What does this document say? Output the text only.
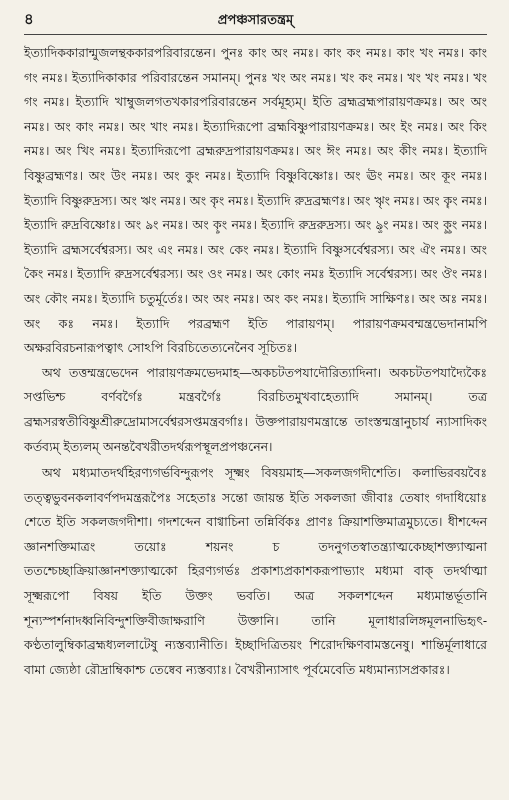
৪	প্রপঞ্চসারতন্ত্রম্

ইত্যাদিককারান্মুজলন্থককারপরিবারন্তেন। পুনঃ কাং অং নমঃ। কাং কং নমঃ। কাং খং নমঃ। কাং গং নমঃ। ইত্যাদিকাকার পরিবারন্তেন সমানম্। পুনঃ খং অং নমঃ। খং কং নমঃ। খং খং নমঃ। খং গং নমঃ। ইত্যাদি খাম্বুজলগতখকারপরিবারন্তেন সর্বমূহ্যম্। ইতি ব্রহ্মব্রহ্মপারায়ণক্রমঃ। অং অং নমঃ। অং কাং নমঃ। অং খাং নমঃ। ইত্যাদিরূপো ব্রহ্মবিষ্ণুপারায়ণক্রমঃ। অং ইং নমঃ। অং কিং নমঃ। অং খিং নমঃ। ইত্যাদিরূপো ব্রহ্মরুদ্রপারায়ণক্রমঃ। অং ঈং নমঃ। অং কীং নমঃ। ইত্যাদি বিষ্ণুব্রহ্মণঃ। অং উং নমঃ। অং কুং নমঃ। ইত্যাদি বিষ্ণুবিষ্ণোঃ। অং ঊং নমঃ। অং কূং নমঃ। ইত্যাদি বিষ্ণুরুদ্রস্য। অং ঋং নমঃ। অং কৃং নমঃ। ইত্যাদি রুদ্রব্রহ্মণঃ। অং ৠং নমঃ। অং কৄং নমঃ। ইত্যাদি রুদ্রবিষ্ণোঃ। অং ঌং নমঃ। অং কৢং নমঃ। ইত্যাদি রুদ্ররুদ্রস্য। অং ৡং নমঃ। অং কৣং নমঃ। ইত্যাদি ব্রহ্মসর্বেশ্বরস্য। অং এং নমঃ। অং কেং নমঃ। ইত্যাদি বিষ্ণুসর্বেশ্বরস্য। অং ঐং নমঃ। অং কৈং নমঃ। ইত্যাদি রুদ্রসর্বেশ্বরস্য। অং ওং নমঃ। অং কোং নমঃ ইত্যাদি সর্বেশ্বরস্য। অং ঔং নমঃ। অং কৌং নমঃ। ইত্যাদি চতুর্মূর্তেঃ। অং অং নমঃ। অং কং নমঃ। ইত্যাদি সাক্ষিণঃ। অং অঃ নমঃ। অং কঃ নমঃ। ইত্যাদি পরব্রহ্মণ ইতি পারায়ণম্। পারায়ণক্রমবম্মন্ত্রভেদানামপি অক্ষরবিরচনারূপত্বাৎ সোঽপি বিরচিতেত্যনেনৈব সূচিতঃ।

অথ তত্তম্মন্ত্রভেদেন পারায়ণক্রমভেদমাহ—অকচটতপযাদৌরিত্যাদিনা। অকচটতপযাদ্যৈকৈঃ সপ্তভিশ্চ বর্ণবর্গৈঃ মন্ত্রবর্গৈঃ বিরচিতমুখবাহেত্যাদি সমানম্। তত্র ব্রহ্মসরস্বতীবিষ্ণুশ্রীরুদ্রোমাসর্বেশ্বরসপ্তমন্ত্রবর্গাঃ। উক্তপারায়ণমন্ত্রান্তে তাংস্তন্মন্ত্রানুচার্য ন্যাসাদিকং কর্তব্যম্ ইত্যলম্ অনন্তবৈখরীতদর্থরূপস্থূলপ্রপঞ্চনেন।

অথ মধ্যমাতদর্থহিরণ্যগর্ভবিন্দুরূপং সূক্ষ্মং বিষয়মাহ—সকলজগদীশেতি। কলাভিরবয়বৈঃ তত্ত্বভুবনকলাবর্ণপদমন্ত্ররূপৈঃ সহেতাঃ সন্তো জায়ন্ত ইতি সকলজা জীবাঃ তেষাং গদাধিয়োঃ শেতে ইতি সকলজগদীশা। গদশব্দেন বাগ্বাচিনা তন্নির্বিকঃ প্রাণঃ ক্রিয়াশক্তিমাত্রমুচ্যতে। ধীশব্দেন জ্ঞানশক্তিমাত্রং তয়োঃ শয়নং চ তদনুগতস্বাতন্ত্র্যাত্মকেচ্ছাশক্ত্যাত্মনা ততশ্চেচ্ছাক্রিয়াজ্ঞানশক্ত্যাত্মকো হিরণ্যগর্ভঃ প্রকাশ্যপ্রকাশকরূপাভ্যাং মধ্যমা বাক্ তদর্থাত্মা সূক্ষ্মরূপো বিষয় ইতি উক্তং ভবতি। অত্র সকলশব্দেন মধ্যমান্তর্ভূতানি শূন্যস্পর্শনাদধ্বনিবিন্দুশক্তিবীজাক্ষরাণি উক্তানি। তানি মূলাধারলিঙ্গমূলনাভিহৃৎ-কণ্ঠতালুম্বিকাব্রহ্মধ্যললাটেষু ন্যস্তব্যানীতি। ইচ্ছাদিত্রিতয়ং শিরোদক্ষিণবামস্তনেষু। শান্তির্মূলাধারে বামা জ্যেষ্ঠা রৌদ্রাম্বিকাশ্চ তেষ্বেব ন্যস্তব্যাঃ। বৈখরীন্যাসাৎ পূর্বমেবেতি মধ্যমান্যাসপ্রকারঃ।
